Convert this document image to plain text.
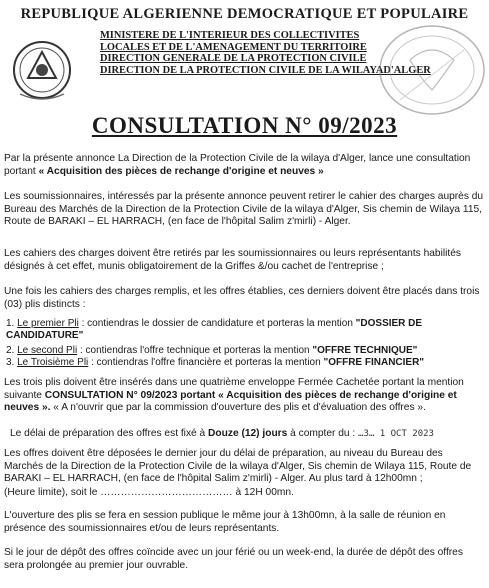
REPUBLIQUE ALGERIENNE DEMOCRATIQUE ET POPULAIRE
MINISTERE DE L'INTERIEUR DES COLLECTIVITES
LOCALES ET DE L'AMENAGEMENT DU TERRITOIRE
DIRECTION GENERALE DE LA PROTECTION CIVILE
DIRECTION DE LA PROTECTION CIVILE DE LA WILAYAD'ALGER
CONSULTATION N° 09/2023
Par la présente annonce La Direction de la Protection Civile de la wilaya d'Alger, lance une consultation portant « Acquisition des pièces de rechange d'origine et neuves »
Les soumissionnaires, intéressés par la présente annonce peuvent retirer le cahier des charges auprès du Bureau des Marchés de la Direction de la Protection Civile de la wilaya d'Alger, Sis chemin de Wilaya 115, Route de BARAKI – EL HARRACH, (en face de l'hôpital Salim z'mirli) - Alger.
Les cahiers des charges doivent être retirés par les soumissionnaires ou leurs représentants habilités désignés à cet effet, munis obligatoirement de la Griffes &/ou cachet de l'entreprise ;
Une fois les cahiers des charges remplis, et les offres établies, ces derniers doivent être placés dans trois (03) plis distincts :
1. Le premier Pli : contiendras le dossier de candidature et porteras la mention "DOSSIER DE CANDIDATURE"
2. Le second Pli : contiendras l'offre technique et porteras la mention "OFFRE TECHNIQUE"
3. Le Troisième Pli : contiendras l'offre financière et porteras la mention "OFFRE FINANCIER"
Les trois plis doivent être insérés dans une quatrième enveloppe Fermée Cachetée portant la mention suivante CONSULTATION N° 09/2023 portant « Acquisition des pièces de rechange d'origine et neuves ». « A n'ouvrir que par la commission d'ouverture des plis et d'évaluation des offres ».
Le délai de préparation des offres est fixé à Douze (12) jours à compter du : …3… 1 OCT 2023
Les offres doivent être déposées le dernier jour du délai de préparation, au niveau du Bureau des Marchés de la Direction de la Protection Civile de la wilaya d'Alger, Sis chemin de Wilaya 115, Route de BARAKI – EL HARRACH, (en face de l'hôpital Salim z'mirli) - Alger. Au plus tard à 12h00mn ;
(Heure limite), soit le ………………………………… à 12H 00mn.
L'ouverture des plis se fera en session publique le même jour à 13h00mn, à la salle de réunion en présence des soumissionnaires et/ou de leurs représentants.
Si le jour de dépôt des offres coïncide avec un jour férié ou un week-end, la durée de dépôt des offres sera prolongée au premier jour ouvrable.
